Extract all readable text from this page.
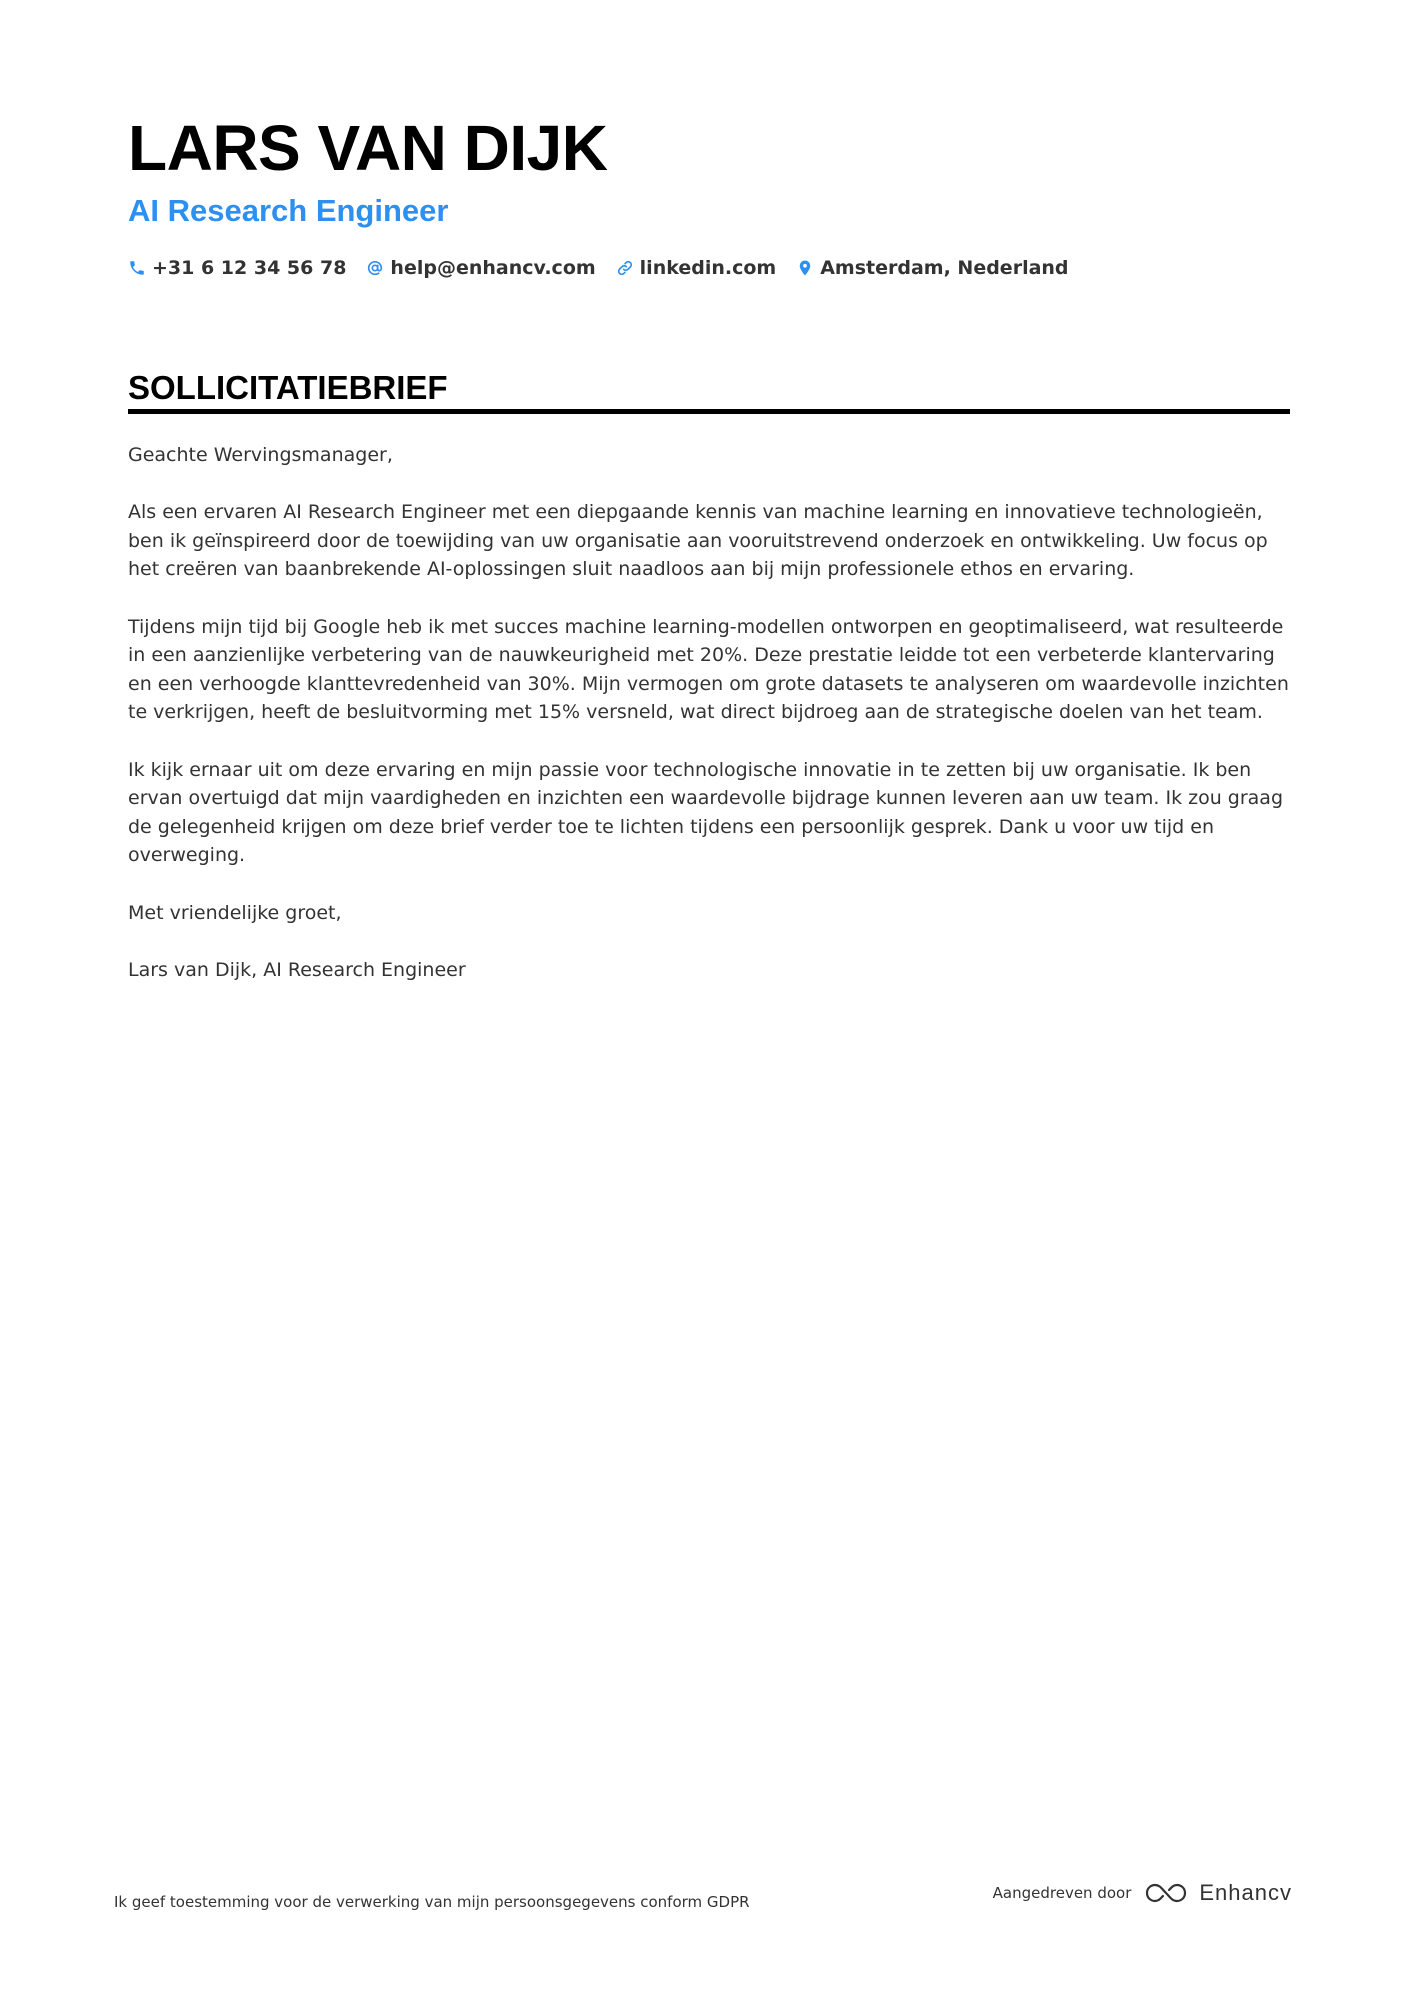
LARS VAN DIJK
AI Research Engineer
+31 6 12 34 56 78 help@enhancv.com linkedin.com Amsterdam, Nederland
SOLLICITATIEBRIEF

Geachte Wervingsmanager,

Als een ervaren AI Research Engineer met een diepgaande kennis van machine learning en innovatieve technologieën, ben ik geïnspireerd door de toewijding van uw organisatie aan vooruitstrevend onderzoek en ontwikkeling. Uw focus op het creëren van baanbrekende AI-oplossingen sluit naadloos aan bij mijn professionele ethos en ervaring.

Tijdens mijn tijd bij Google heb ik met succes machine learning-modellen ontworpen en geoptimaliseerd, wat resulteerde in een aanzienlijke verbetering van de nauwkeurigheid met 20%. Deze prestatie leidde tot een verbeterde klantervaring en een verhoogde klanttevredenheid van 30%. Mijn vermogen om grote datasets te analyseren om waardevolle inzichten te verkrijgen, heeft de besluitvorming met 15% versneld, wat direct bijdroeg aan de strategische doelen van het team.

Ik kijk ernaar uit om deze ervaring en mijn passie voor technologische innovatie in te zetten bij uw organisatie. Ik ben ervan overtuigd dat mijn vaardigheden en inzichten een waardevolle bijdrage kunnen leveren aan uw team. Ik zou graag de gelegenheid krijgen om deze brief verder toe te lichten tijdens een persoonlijk gesprek. Dank u voor uw tijd en overweging.

Met vriendelijke groet,

Lars van Dijk, AI Research Engineer

Ik geef toestemming voor de verwerking van mijn persoonsgegevens conform GDPR	Aangedreven door	Enhancv
